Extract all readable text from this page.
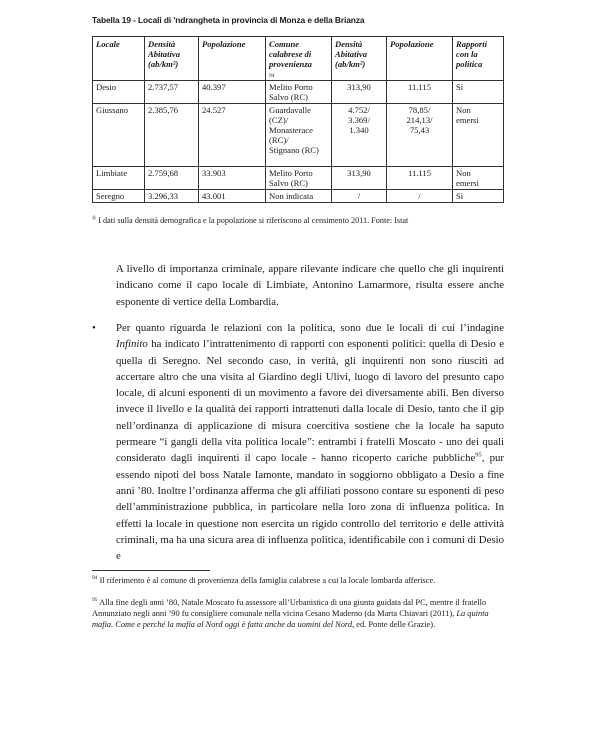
Tabella 19 - Locali di 'ndrangheta in provincia di Monza e della Brianza
Locale	Densità
Abitativa
(ab/km²)	Popolazione	Comune
calabrese di
provenienza
94	Densità
Abitativa
(ab/km²)	Popolazione	Rapporti
con la
politica
Desio	2.737,57	40.397	Melito Porto
Salvo (RC)	313,90	11.115	Sì
Giussano	2.385,76	24.527	Guardavalle
(CZ)/
Monasterace
(RC)/
Stignano (RC)	4.752/
3.369/
1.340	78,85/
214,13/
75,43	Non
emersi
Limbiate	2.759,68	33.903	Melito Porto
Salvo (RC)	313,90	11.115	Non
emersi
Seregno	3.296,33	43.001	Non indicata	/	/	Sì
® I dati sulla densità demografica e la popolazione si riferiscono al censimento 2011. Fonte: Istat

A livello di importanza criminale, appare rilevante indicare che quello che gli inquirenti indicano come il capo locale di Limbiate, Antonino Lamarmore, risulta essere anche esponente di vertice della Lombardia.

• Per quanto riguarda le relazioni con la politica, sono due le locali di cui l’indagine Infinito ha indicato l’intrattenimento di rapporti con esponenti politici: quella di Desio e quella di Seregno. Nel secondo caso, in verità, gli inquirenti non sono riusciti ad accertare altro che una visita al Giardino degli Ulivi, luogo di lavoro del presunto capo locale, di alcuni esponenti di un movimento a favore dei diversamente abili. Ben diverso invece il livello e la qualità dei rapporti intrattenuti dalla locale di Desio, tanto che il gip nell’ordinanza di applicazione di misura coercitiva sostiene che la locale ha saputo permeare “i gangli della vita politica locale”: entrambi i fratelli Moscato - uno dei quali considerato dagli inquirenti il capo locale - hanno ricoperto cariche pubbliche$^{95}$, pur essendo nipoti del boss Natale Iamonte, mandato in soggiorno obbligato a Desio a fine anni ’80. Inoltre l’ordinanza afferma che gli affiliati possono contare su esponenti di peso dell’amministrazione pubblica, in particolare nella loro zona di influenza politica. In effetti la locale in questione non esercita un rigido controllo del territorio e delle attività criminali, ma ha una sicura area di influenza politica, identificabile con i comuni di Desio e

$^{94}$ Il riferimento è al comune di provenienza della famiglia calabrese a cui la locale lombarda afferisce.

$^{95}$ Alla fine degli anni ’80, Natale Moscato fu assessore all’Urbanistica di una giunta guidata dal PC, mentre il fratello Annunziato negli anni ’90 fu consigliere comunale nella vicina Cesano Maderno (da Marta Chiavari (2011), La quinta mafia. Come e perché la mafia al Nord oggi è fatta anche da uomini del Nord, ed. Ponte delle Grazie).
